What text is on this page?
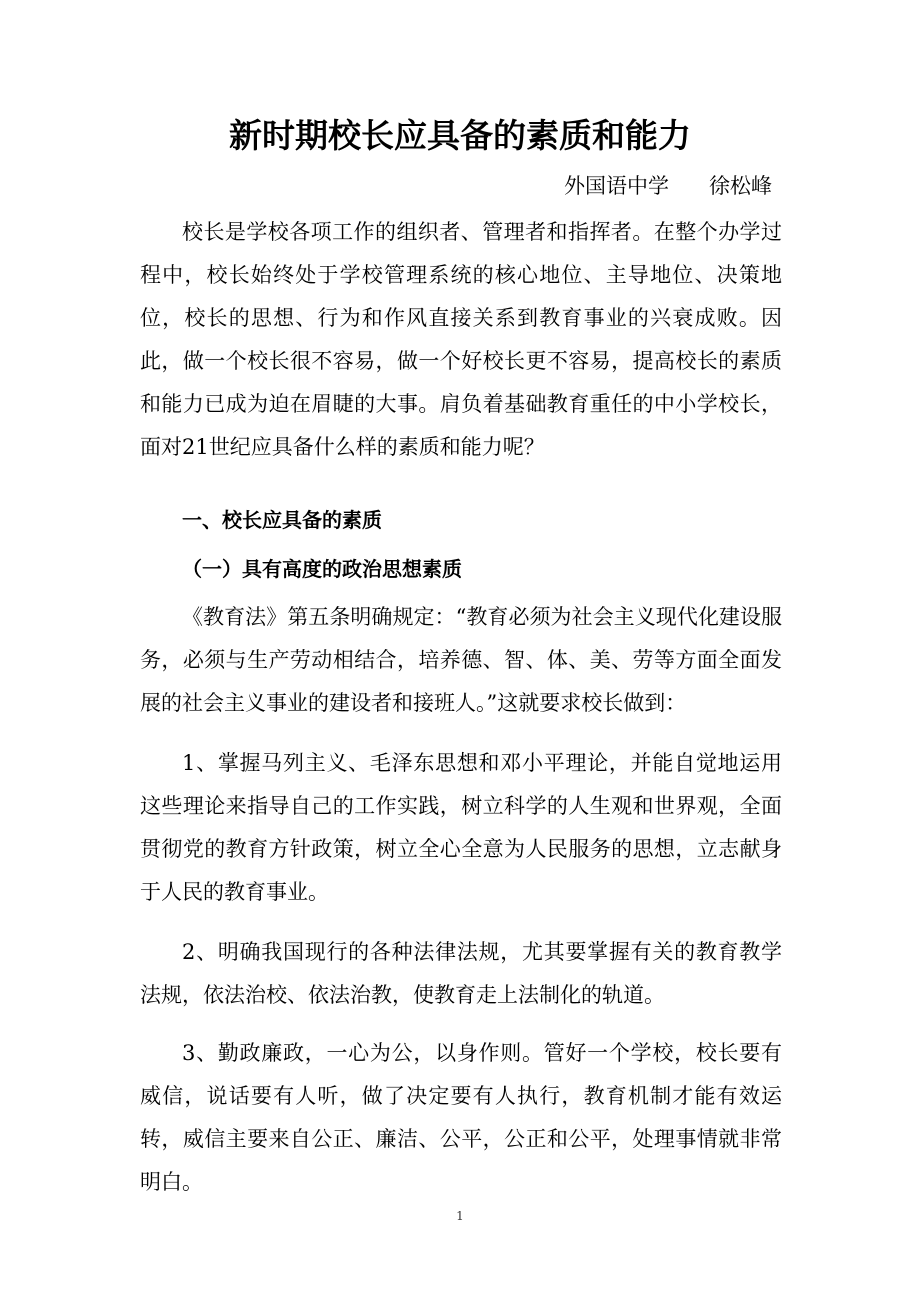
新时期校长应具备的素质和能力
外国语中学 徐松峰

校长是学校各项工作的组织者、管理者和指挥者。在整个办学过程中，校长始终处于学校管理系统的核心地位、主导地位、决策地位，校长的思想、行为和作风直接关系到教育事业的兴衰成败。因此，做一个校长很不容易，做一个好校长更不容易，提高校长的素质和能力已成为迫在眉睫的大事。肩负着基础教育重任的中小学校长，面对21世纪应具备什么样的素质和能力呢？

一、校长应具备的素质
（一）具有高度的政治思想素质

《教育法》第五条明确规定：“教育必须为社会主义现代化建设服务，必须与生产劳动相结合，培养德、智、体、美、劳等方面全面发展的社会主义事业的建设者和接班人。”这就要求校长做到：

1、掌握马列主义、毛泽东思想和邓小平理论，并能自觉地运用这些理论来指导自己的工作实践，树立科学的人生观和世界观，全面贯彻党的教育方针政策，树立全心全意为人民服务的思想，立志献身于人民的教育事业。

2、明确我国现行的各种法律法规，尤其要掌握有关的教育教学法规，依法治校、依法治教，使教育走上法制化的轨道。

3、勤政廉政，一心为公，以身作则。管好一个学校，校长要有威信，说话要有人听，做了决定要有人执行，教育机制才能有效运转，威信主要来自公正、廉洁、公平，公正和公平，处理事情就非常明白。

1
